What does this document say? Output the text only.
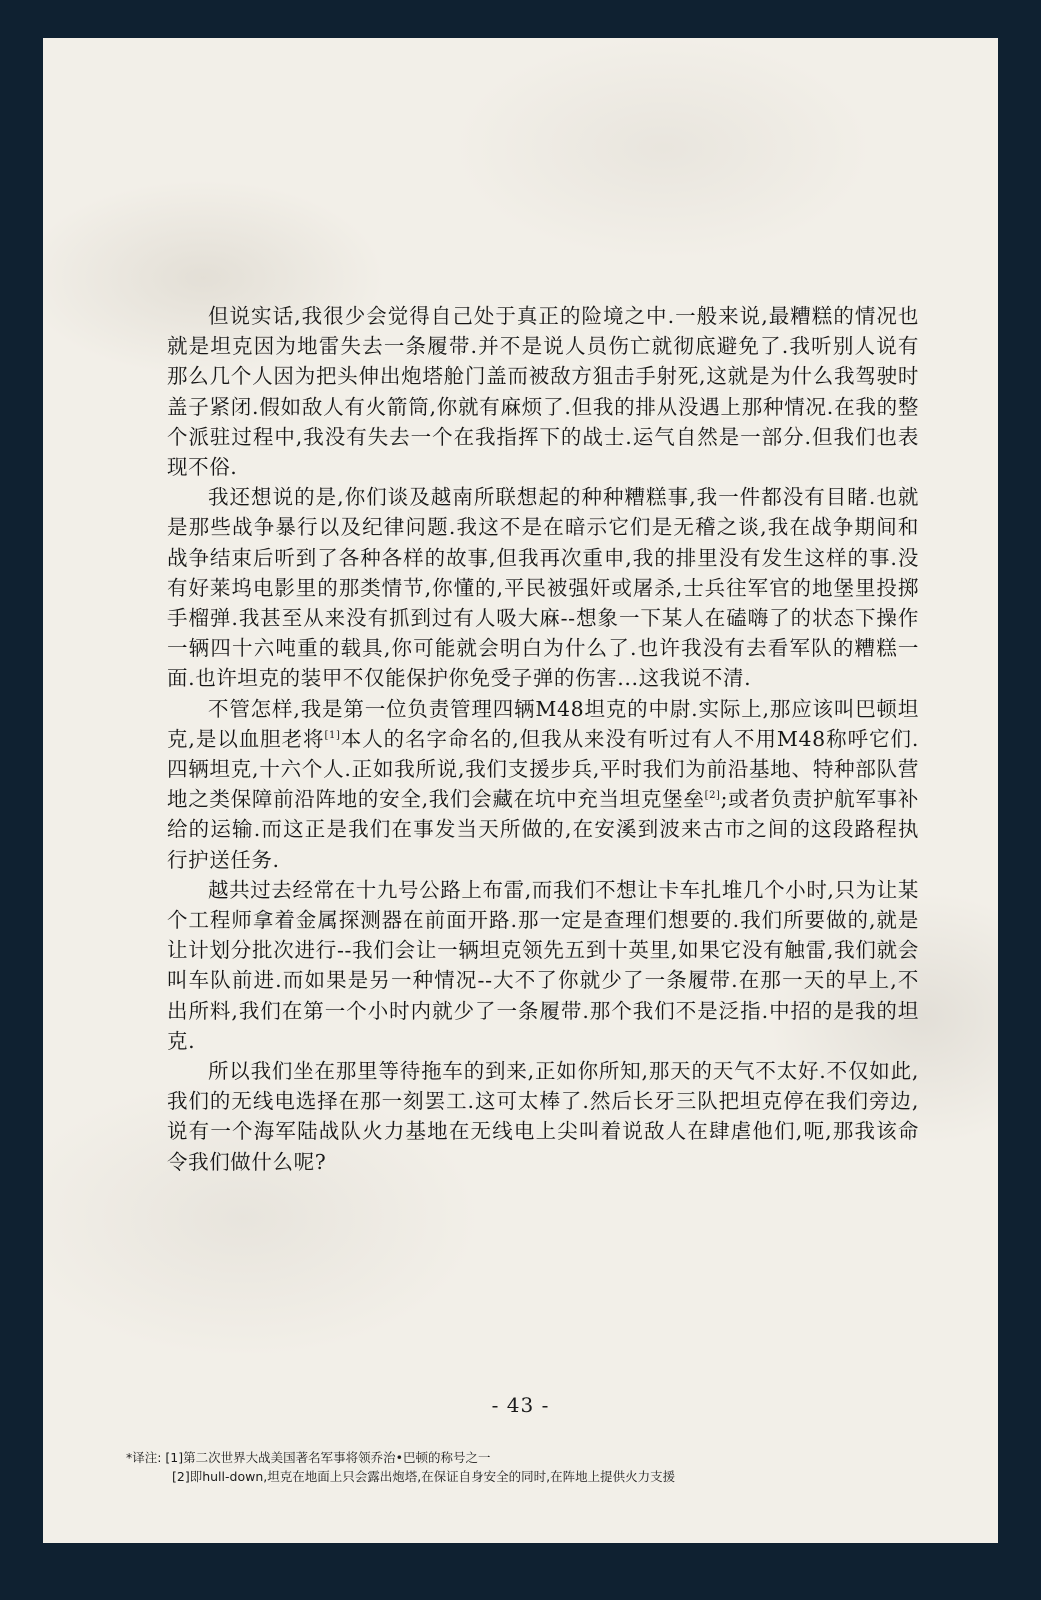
但说实话,我很少会觉得自己处于真正的险境之中.一般来说,最糟糕的情况也就是坦克因为地雷失去一条履带.并不是说人员伤亡就彻底避免了.我听别人说有那么几个人因为把头伸出炮塔舱门盖而被敌方狙击手射死,这就是为什么我驾驶时盖子紧闭.假如敌人有火箭筒,你就有麻烦了.但我的排从没遇上那种情况.在我的整个派驻过程中,我没有失去一个在我指挥下的战士.运气自然是一部分.但我们也表现不俗.

我还想说的是,你们谈及越南所联想起的种种糟糕事,我一件都没有目睹.也就是那些战争暴行以及纪律问题.我这不是在暗示它们是无稽之谈,我在战争期间和战争结束后听到了各种各样的故事,但我再次重申,我的排里没有发生这样的事.没有好莱坞电影里的那类情节,你懂的,平民被强奸或屠杀,士兵往军官的地堡里投掷手榴弹.我甚至从来没有抓到过有人吸大麻--想象一下某人在磕嗨了的状态下操作一辆四十六吨重的载具,你可能就会明白为什么了.也许我没有去看军队的糟糕一面.也许坦克的装甲不仅能保护你免受子弹的伤害...这我说不清.

不管怎样,我是第一位负责管理四辆M48坦克的中尉.实际上,那应该叫巴顿坦克,是以血胆老将[1]本人的名字命名的,但我从来没有听过有人不用M48称呼它们.四辆坦克,十六个人.正如我所说,我们支援步兵,平时我们为前沿基地、特种部队营地之类保障前沿阵地的安全,我们会藏在坑中充当坦克堡垒[2];或者负责护航军事补给的运输.而这正是我们在事发当天所做的,在安溪到波来古市之间的这段路程执行护送任务.

越共过去经常在十九号公路上布雷,而我们不想让卡车扎堆几个小时,只为让某个工程师拿着金属探测器在前面开路.那一定是查理们想要的.我们所要做的,就是让计划分批次进行--我们会让一辆坦克领先五到十英里,如果它没有触雷,我们就会叫车队前进.而如果是另一种情况--大不了你就少了一条履带.在那一天的早上,不出所料,我们在第一个小时内就少了一条履带.那个我们不是泛指.中招的是我的坦克.

所以我们坐在那里等待拖车的到来,正如你所知,那天的天气不太好.不仅如此,我们的无线电选择在那一刻罢工.这可太棒了.然后长牙三队把坦克停在我们旁边,说有一个海军陆战队火力基地在无线电上尖叫着说敌人在肆虐他们,呃,那我该命令我们做什么呢?

- 43 -
*译注: [1]第二次世界大战美国著名军事将领乔治•巴顿的称号之一
[2]即hull-down,坦克在地面上只会露出炮塔,在保证自身安全的同时,在阵地上提供火力支援
